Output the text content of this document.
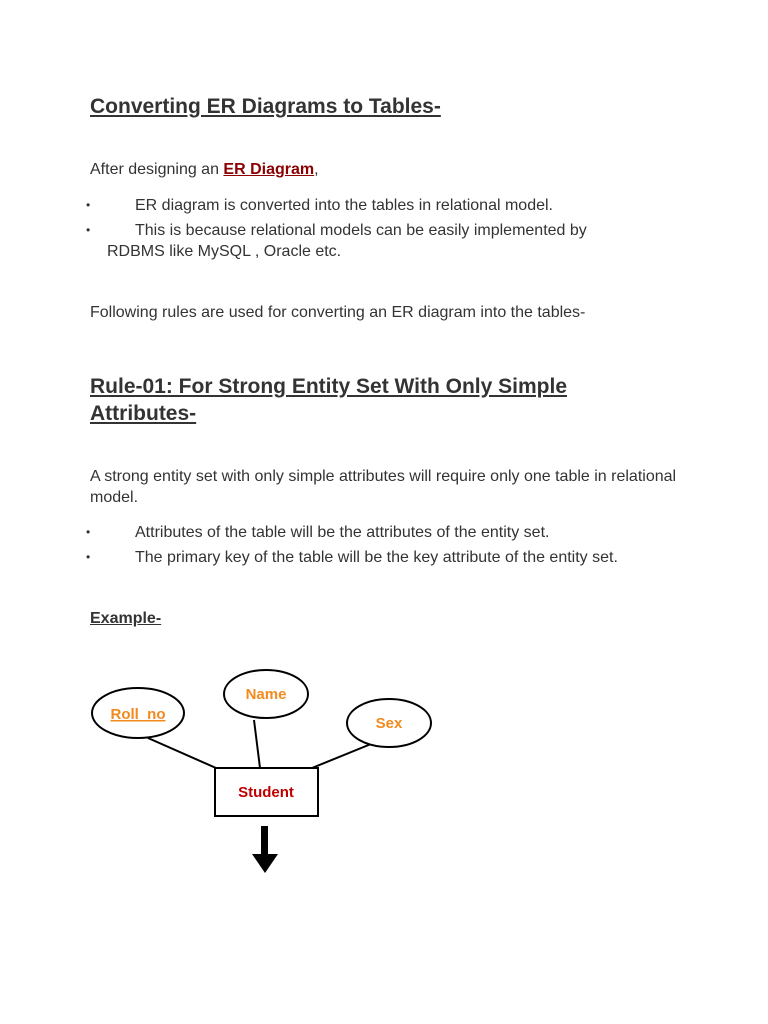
Converting ER Diagrams to Tables-

After designing an ER Diagram,

•	ER diagram is converted into the tables in relational model.
•	This is because relational models can be easily implemented by
RDBMS like MySQL , Oracle etc.

Following rules are used for converting an ER diagram into the tables-

Rule-01: For Strong Entity Set With Only Simple
Attributes-

A strong entity set with only simple attributes will require only one table in relational model.

•	Attributes of the table will be the attributes of the entity set.
•	The primary key of the table will be the key attribute of the entity set.
Example-
Roll_no
Name
Sex
Student
